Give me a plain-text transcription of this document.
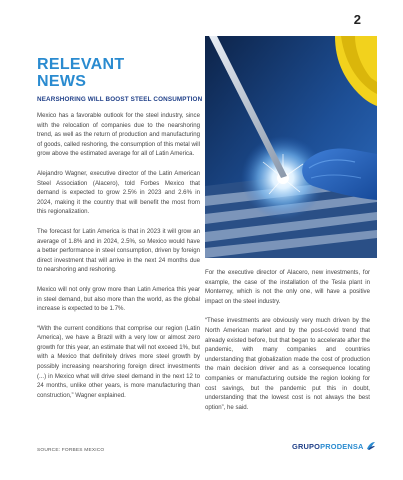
2
RELEVANT
NEWS
NEARSHORING WILL BOOST STEEL CONSUMPTION

Mexico has a favorable outlook for the steel industry, since with the relocation of companies due to the nearshoring trend, as well as the return of production and manufacturing of goods, called reshoring, the consumption of this metal will grow above the estimated average for all of Latin America.

Alejandro Wagner, executive director of the Latin American Steel Association (Alacero), told Forbes Mexico that demand is expected to grow 2.5% in 2023 and 2.6% in 2024, making it the country that will benefit the most from this regionalization.

The forecast for Latin America is that in 2023 it will grow an average of 1.8% and in 2024, 2.5%, so Mexico would have a better performance in steel consumption, driven by foreign direct investment that will arrive in the next 24 months due to nearshoring and reshoring.

Mexico will not only grow more than Latin America this year in steel demand, but also more than the world, as the global increase is expected to be 1.7%.

“With the current conditions that comprise our region (Latin America), we have a Brazil with a very low or almost zero growth for this year, an estimate that will not exceed 1%, but with a Mexico that definitely drives more steel growth by possibly increasing nearshoring foreign direct investments (...) in Mexico what will drive steel demand in the next 12 to 24 months, unlike other years, is more manufacturing than construction,” Wagner explained.

For the executive director of Alacero, new investments, for example, the case of the installation of the Tesla plant in Monterrey, which is not the only one, will have a positive impact on the steel industry.

“These investments are obviously very much driven by the North American market and by the post-covid trend that already existed before, but that began to accelerate after the pandemic, with many companies and countries understanding that globalization made the cost of production the main decision driver and as a consequence locating companies or manufacturing outside the region looking for cost savings, but the pandemic put this in doubt, understanding that the lowest cost is not always the best option”, he said.

SOURCE: FORBES MEXICO	GRUPOPRODENSA
